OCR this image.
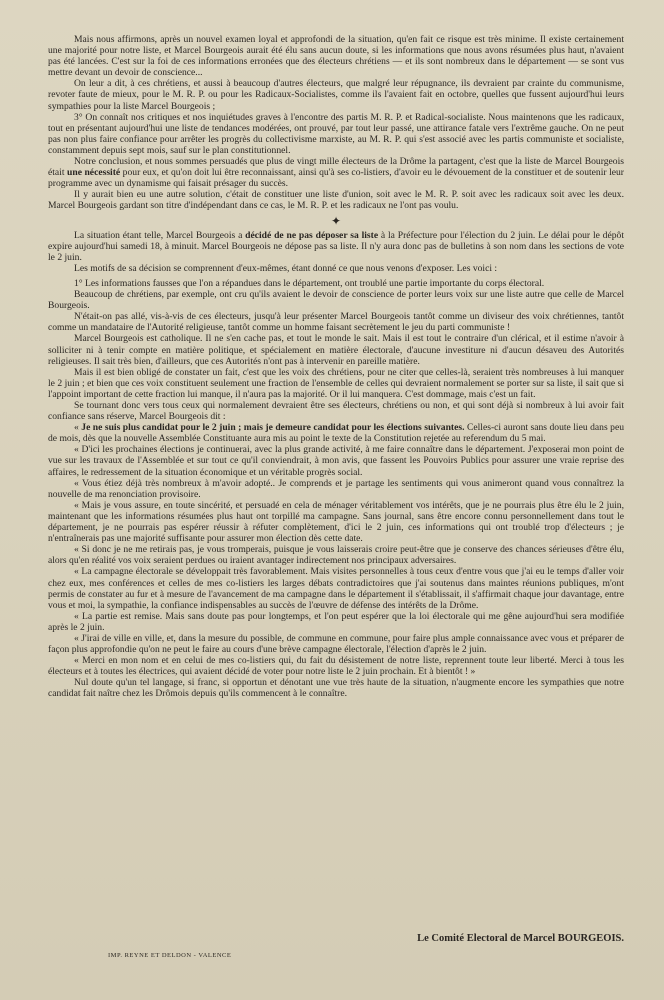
Mais nous affirmons, après un nouvel examen loyal et approfondi de la situation, qu'en fait ce risque est très minime. Il existe certainement une majorité pour notre liste, et Marcel Bourgeois aurait été élu sans aucun doute, si les informations que nous avons résumées plus haut, n'avaient pas été lancées. C'est sur la foi de ces informations erronées que des électeurs chrétiens — et ils sont nombreux dans le département — se sont vus mettre devant un devoir de conscience...

On leur a dit, à ces chrétiens, et aussi à beaucoup d'autres électeurs, que malgré leur répugnance, ils devraient par crainte du communisme, revoter faute de mieux, pour le M. R. P. ou pour les Radicaux-Socialistes, comme ils l'avaient fait en octobre, quelles que fussent aujourd'hui leurs sympathies pour la liste Marcel Bourgeois ;

3° On connaît nos critiques et nos inquiétudes graves à l'encontre des partis M. R. P. et Radical-socialiste. Nous maintenons que les radicaux, tout en présentant aujourd'hui une liste de tendances modérées, ont prouvé, par tout leur passé, une attirance fatale vers l'extrême gauche. On ne peut pas non plus faire confiance pour arrêter les progrès du collectivisme marxiste, au M. R. P. qui s'est associé avec les partis communiste et socialiste, constamment depuis sept mois, sauf sur le plan constitutionnel.

Notre conclusion, et nous sommes persuadés que plus de vingt mille électeurs de la Drôme la partagent, c'est que la liste de Marcel Bourgeois était une nécessité pour eux, et qu'on doit lui être reconnaissant, ainsi qu'à ses co-listiers, d'avoir eu le dévouement de la constituer et de soutenir leur programme avec un dynamisme qui faisait présager du succès.

Il y aurait bien eu une autre solution, c'était de constituer une liste d'union, soit avec le M. R. P. soit avec les radicaux soit avec les deux. Marcel Bourgeois gardant son titre d'indépendant dans ce cas, le M. R. P. et les radicaux ne l'ont pas voulu.

✦

La situation étant telle, Marcel Bourgeois a décidé de ne pas déposer sa liste à la Préfecture pour l'élection du 2 juin. Le délai pour le dépôt expire aujourd'hui samedi 18, à minuit. Marcel Bourgeois ne dépose pas sa liste. Il n'y aura donc pas de bulletins à son nom dans les sections de vote le 2 juin.

Les motifs de sa décision se comprennent d'eux-mêmes, étant donné ce que nous venons d'exposer. Les voici :

1° Les informations fausses que l'on a répandues dans le département, ont troublé une partie importante du corps électoral.

Beaucoup de chrétiens, par exemple, ont cru qu'ils avaient le devoir de conscience de porter leurs voix sur une liste autre que celle de Marcel Bourgeois.

N'était-on pas allé, vis-à-vis de ces électeurs, jusqu'à leur présenter Marcel Bourgeois tantôt comme un diviseur des voix chrétiennes, tantôt comme un mandataire de l'Autorité religieuse, tantôt comme un homme faisant secrètement le jeu du parti communiste !

Marcel Bourgeois est catholique. Il ne s'en cache pas, et tout le monde le sait. Mais il est tout le contraire d'un clérical, et il estime n'avoir à solliciter ni à tenir compte en matière politique, et spécialement en matière électorale, d'aucune investiture ni d'aucun désaveu des Autorités religieuses. Il sait très bien, d'ailleurs, que ces Autorités n'ont pas à intervenir en pareille matière.

Mais il est bien obligé de constater un fait, c'est que les voix des chrétiens, pour ne citer que celles-là, seraient très nombreuses à lui manquer le 2 juin ; et bien que ces voix constituent seulement une fraction de l'ensemble de celles qui devraient normalement se porter sur sa liste, il sait que si l'appoint important de cette fraction lui manque, il n'aura pas la majorité. Or il lui manquera. C'est dommage, mais c'est un fait.

Se tournant donc vers tous ceux qui normalement devraient être ses électeurs, chrétiens ou non, et qui sont déjà si nombreux à lui avoir fait confiance sans réserve, Marcel Bourgeois dit :

« Je ne suis plus candidat pour le 2 juin ; mais je demeure candidat pour les élections suivantes. Celles-ci auront sans doute lieu dans peu de mois, dès que la nouvelle Assemblée Constituante aura mis au point le texte de la Constitution rejetée au referendum du 5 mai.

« D'ici les prochaines élections je continuerai, avec la plus grande activité, à me faire connaître dans le département. J'exposerai mon point de vue sur les travaux de l'Assemblée et sur tout ce qu'il conviendrait, à mon avis, que fassent les Pouvoirs Publics pour assurer une vraie reprise des affaires, le redressement de la situation économique et un véritable progrès social.

« Vous étiez déjà très nombreux à m'avoir adopté.. Je comprends et je partage les sentiments qui vous animeront quand vous connaîtrez la nouvelle de ma renonciation provisoire.

« Mais je vous assure, en toute sincérité, et persuadé en cela de ménager véritablement vos intérêts, que je ne pourrais plus être élu le 2 juin, maintenant que les informations résumées plus haut ont torpillé ma campagne. Sans journal, sans être encore connu personnellement dans tout le département, je ne pourrais pas espérer réussir à réfuter complètement, d'ici le 2 juin, ces informations qui ont troublé trop d'électeurs ; je n'entraînerais pas une majorité suffisante pour assurer mon élection dès cette date.

« Si donc je ne me retirais pas, je vous tromperais, puisque je vous laisserais croire peut-être que je conserve des chances sérieuses d'être élu, alors qu'en réalité vos voix seraient perdues ou iraient avantager indirectement nos principaux adversaires.

« La campagne électorale se développait très favorablement. Mais visites personnelles à tous ceux d'entre vous que j'ai eu le temps d'aller voir chez eux, mes conférences et celles de mes co-listiers les larges débats contradictoires que j'ai soutenus dans maintes réunions publiques, m'ont permis de constater au fur et à mesure de l'avancement de ma campagne dans le département il s'établissait, il s'affirmait chaque jour davantage, entre vous et moi, la sympathie, la confiance indispensables au succès de l'œuvre de défense des intérêts de la Drôme.

« La partie est remise. Mais sans doute pas pour longtemps, et l'on peut espérer que la loi électorale qui me gêne aujourd'hui sera modifiée après le 2 juin.

« J'irai de ville en ville, et, dans la mesure du possible, de commune en commune, pour faire plus ample connaissance avec vous et préparer de façon plus approfondie qu'on ne peut le faire au cours d'une brève campagne électorale, l'élection d'après le 2 juin.

« Merci en mon nom et en celui de mes co-listiers qui, du fait du désistement de notre liste, reprennent toute leur liberté. Merci à tous les électeurs et à toutes les électrices, qui avaient décidé de voter pour notre liste le 2 juin prochain. Et à bientôt ! »

Nul doute qu'un tel langage, si franc, si opportun et dénotant une vue très haute de la situation, n'augmente encore les sympathies que notre candidat fait naître chez les Drômois depuis qu'ils commencent à le connaître.

Le Comité Electoral de Marcel BOURGEOIS.
IMP. REYNE ET DELDON - VALENCE
